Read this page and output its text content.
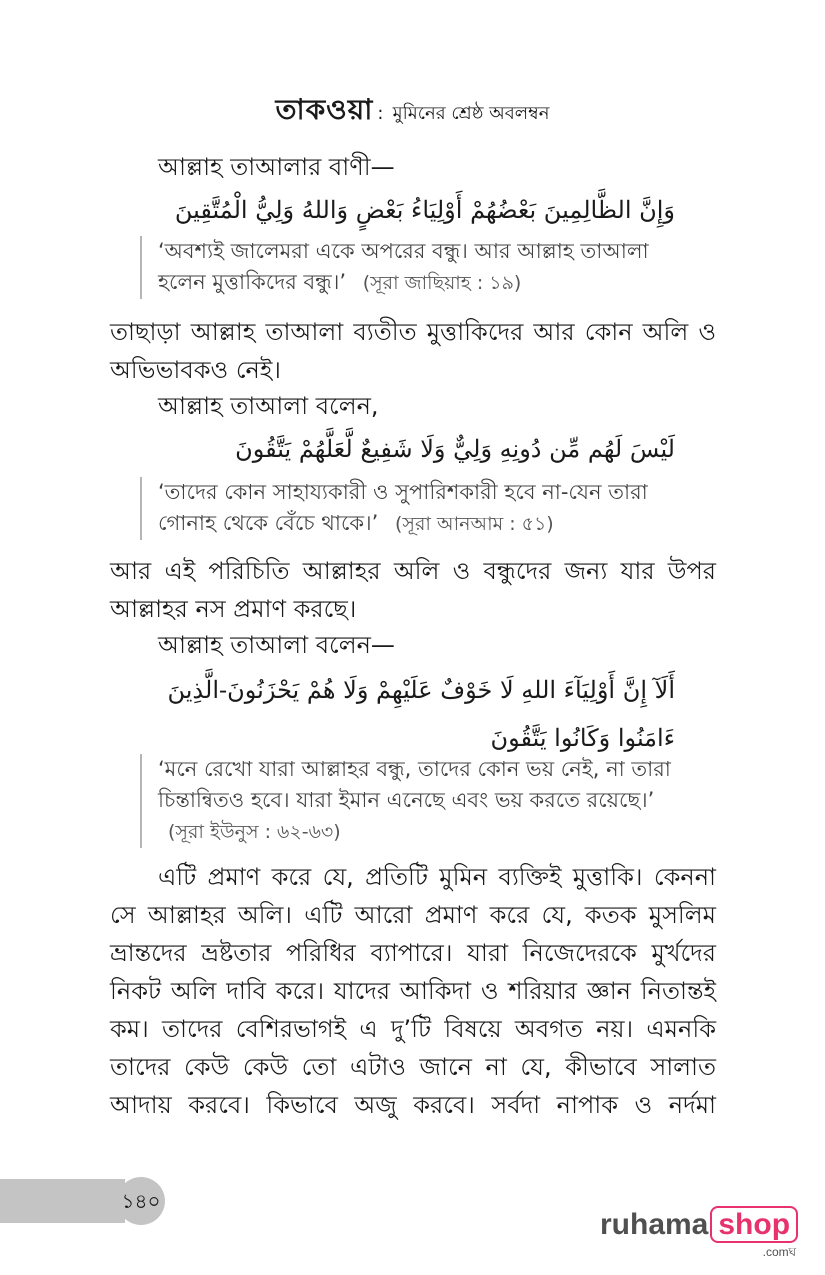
তাকওয়া : মুমিনের শ্রেষ্ঠ অবলম্বন

আল্লাহ তাআলার বাণী—

وَإِنَّ الظَّالِمِينَ بَعْضُهُمْ أَوْلِيَاءُ بَعْضٍ وَاللهُ وَلِيُّ الْمُتَّقِينَ
‘অবশ্যই জালেমরা একে অপরের বন্ধু। আর আল্লাহ তাআলা হলেন মুত্তাকিদের বন্ধু।’ (সূরা জাছিয়াহ : ১৯)

তাছাড়া আল্লাহ তাআলা ব্যতীত মুত্তাকিদের আর কোন অলি ও অভিভাবকও নেই।

আল্লাহ তাআলা বলেন,

لَيْسَ لَهُم مِّن دُونِهِ وَلِيٌّ وَلَا شَفِيعٌ لَّعَلَّهُمْ يَتَّقُونَ
‘তাদের কোন সাহায্যকারী ও সুপারিশকারী হবে না-যেন তারা গোনাহ থেকে বেঁচে থাকে।’ (সূরা আনআম : ৫১)

আর এই পরিচিতি আল্লাহর অলি ও বন্ধুদের জন্য যার উপর আল্লাহর নস প্রমাণ করছে।

আল্লাহ তাআলা বলেন—

أَلَآ إِنَّ أَوْلِيَآءَ اللهِ لَا خَوْفٌ عَلَيْهِمْ وَلَا هُمْ يَحْزَنُونَ-الَّذِينَ ءَامَنُوا وَكَانُوا يَتَّقُونَ
‘মনে রেখো যারা আল্লাহর বন্ধু, তাদের কোন ভয় নেই, না তারা চিন্তান্বিতও হবে। যারা ইমান এনেছে এবং ভয় করতে রয়েছে।’ (সূরা ইউনুস : ৬২-৬৩)

এটি প্রমাণ করে যে, প্রতিটি মুমিন ব্যক্তিই মুত্তাকি। কেননা সে আল্লাহর অলি। এটি আরো প্রমাণ করে যে, কতক মুসলিম ভ্রান্তদের ভ্রষ্টতার পরিধির ব্যাপারে। যারা নিজেদেরকে মুর্খদের নিকট অলি দাবি করে। যাদের আকিদা ও শরিয়ার জ্ঞান নিতান্তই কম। তাদের বেশিরভাগই এ দু’টি বিষয়ে অবগত নয়। এমনকি তাদের কেউ কেউ তো এটাও জানে না যে, কীভাবে সালাত আদায় করবে। কিভাবে অজু করবে। সর্বদা নাপাক ও নর্দমা

১৪০
ruhama shop
.comঘ
